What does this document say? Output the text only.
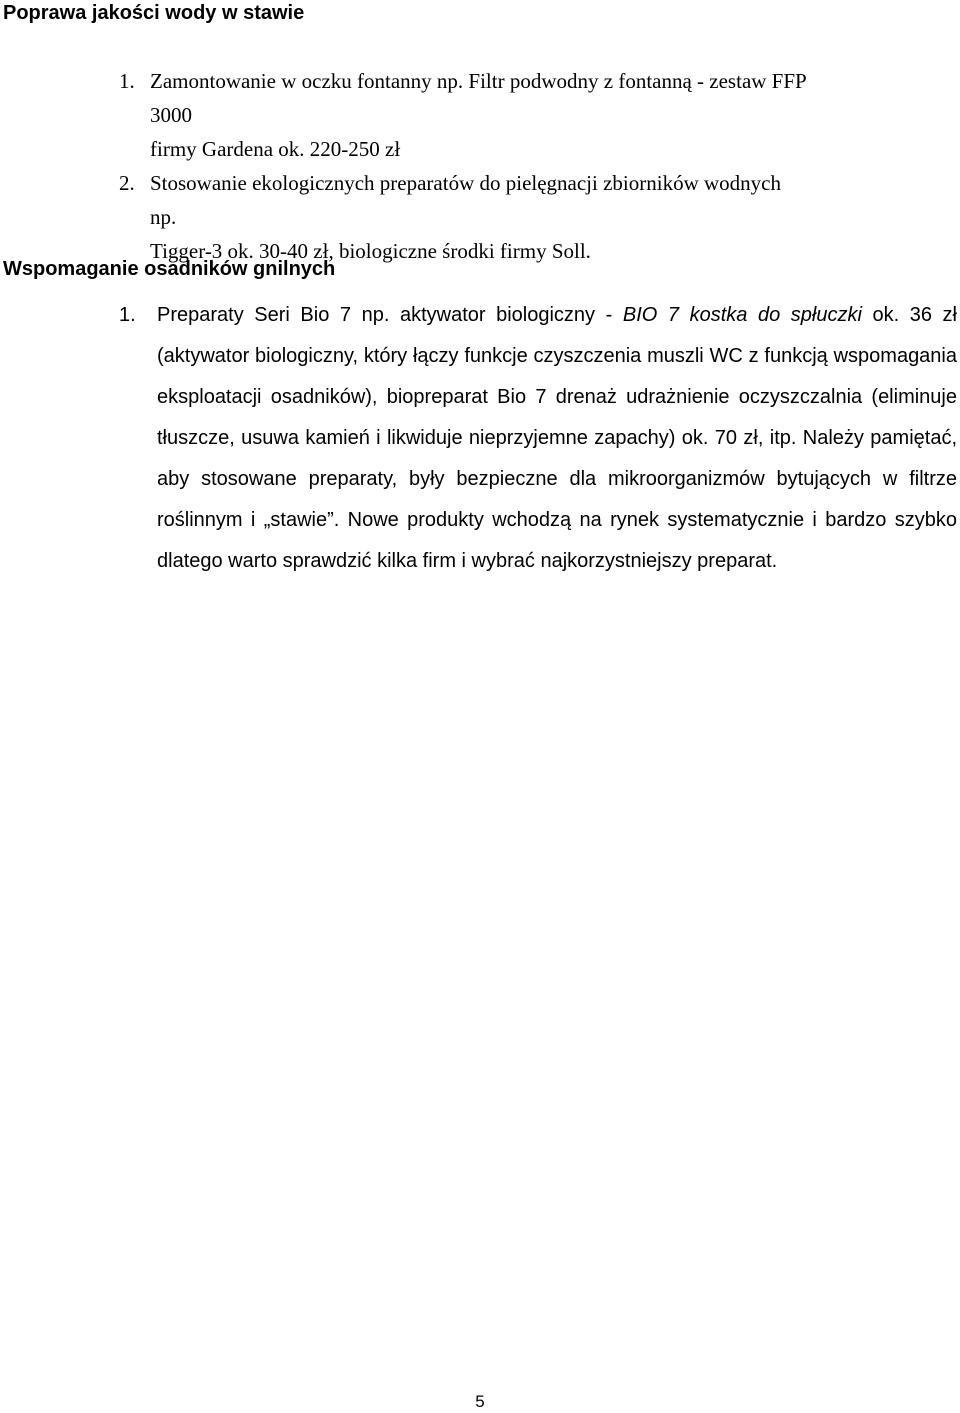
Poprawa jakości wody w stawie
1. Zamontowanie w oczku fontanny np. Filtr podwodny z fontanną - zestaw FFP 3000
firmy Gardena ok. 220-250 zł
2. Stosowanie ekologicznych preparatów do pielęgnacji zbiorników wodnych np.
Tigger-3 ok. 30-40 zł, biologiczne środki firmy Soll.
Wspomaganie osadników gnilnych
1. Preparaty Seri Bio 7 np. aktywator biologiczny - BIO 7 kostka do spłuczki ok. 36 zł (aktywator biologiczny, który łączy funkcje czyszczenia muszli WC z funkcją wspomagania eksploatacji osadników), biopreparat Bio 7 drenaż udrażnienie oczyszczalnia (eliminuje tłuszcze, usuwa kamień i likwiduje nieprzyjemne zapachy) ok. 70 zł, itp. Należy pamiętać, aby stosowane preparaty, były bezpieczne dla mikroorganizmów bytujących w filtrze roślinnym i „stawie”. Nowe produkty wchodzą na rynek systematycznie i bardzo szybko dlatego warto sprawdzić kilka firm i wybrać najkorzystniejszy preparat.

5
